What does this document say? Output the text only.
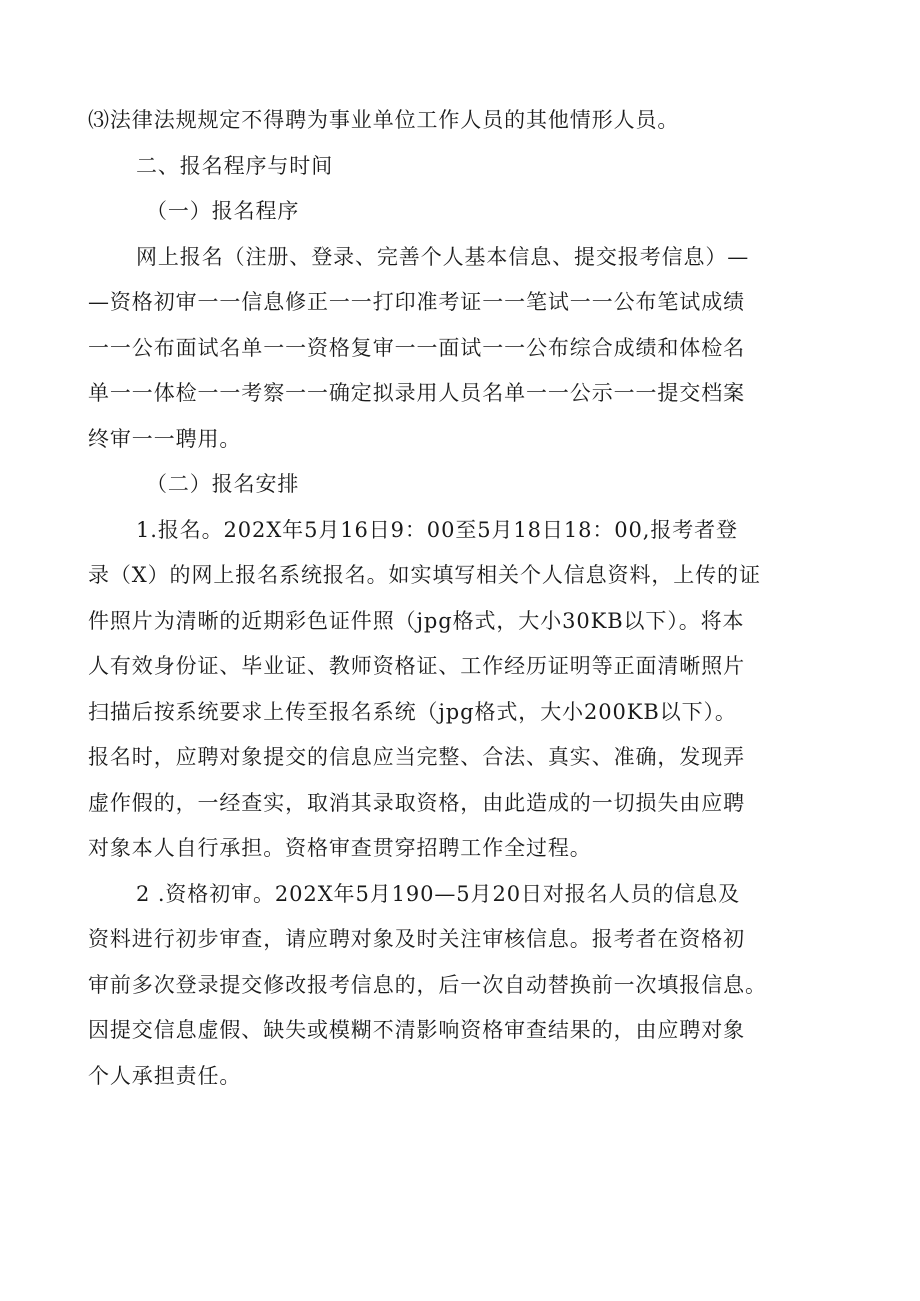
⑶法律法规规定不得聘为事业单位工作人员的其他情形人员。
二、报名程序与时间
（一）报名程序
网上报名（注册、登录、完善个人基本信息、提交报考信息）—
—资格初审一一信息修正一一打印准考证一一笔试一一公布笔试成绩
一一公布面试名单一一资格复审一一面试一一公布综合成绩和体检名
单一一体检一一考察一一确定拟录用人员名单一一公示一一提交档案
终审一一聘用。
（二）报名安排
1.报名。202X年5月16日9：00至5月18日18：00,报考者登
录（X）的网上报名系统报名。如实填写相关个人信息资料，上传的证
件照片为清晰的近期彩色证件照（jpg格式，大小30KB以下）。将本
人有效身份证、毕业证、教师资格证、工作经历证明等正面清晰照片
扫描后按系统要求上传至报名系统（jpg格式，大小200KB以下）。
报名时，应聘对象提交的信息应当完整、合法、真实、准确，发现弄
虚作假的，一经查实，取消其录取资格，由此造成的一切损失由应聘
对象本人自行承担。资格审查贯穿招聘工作全过程。
2 .资格初审。202X年5月190—5月20日对报名人员的信息及
资料进行初步审查，请应聘对象及时关注审核信息。报考者在资格初
审前多次登录提交修改报考信息的，后一次自动替换前一次填报信息。
因提交信息虚假、缺失或模糊不清影响资格审查结果的，由应聘对象
个人承担责任。
